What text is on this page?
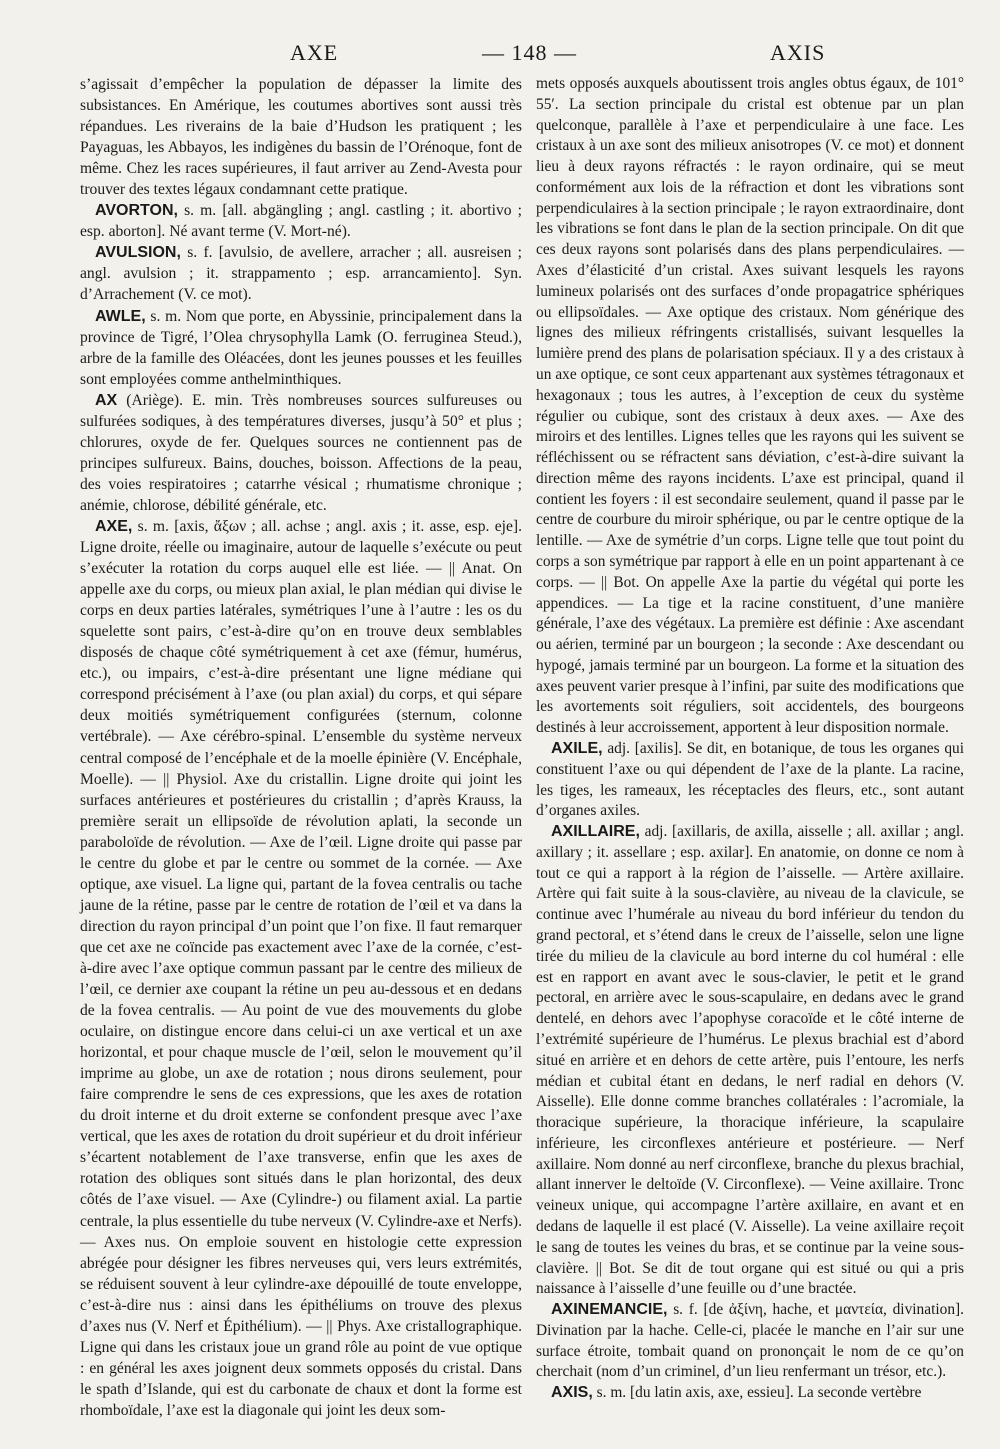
AXE	— 148 —	AXIS

s’agissait d’empêcher la population de dépasser la limite des subsistances. En Amérique, les coutumes abortives sont aussi très répandues. Les riverains de la baie d’Hudson les pratiquent ; les Payaguas, les Abbayos, les indigènes du bassin de l’Orénoque, font de même. Chez les races supérieures, il faut arriver au Zend-Avesta pour trouver des textes légaux condamnant cette pratique.

AVORTON, s. m. [all. abgängling ; angl. castling ; it. abortivo ; esp. aborton]. Né avant terme (V. Mort-né).

AVULSION, s. f. [avulsio, de avellere, arracher ; all. ausreisen ; angl. avulsion ; it. strappamento ; esp. arrancamiento]. Syn. d’Arrachement (V. ce mot).

AWLE, s. m. Nom que porte, en Abyssinie, principalement dans la province de Tigré, l’Olea chrysophylla Lamk (O. ferruginea Steud.), arbre de la famille des Oléacées, dont les jeunes pousses et les feuilles sont employées comme anthelminthiques.

AX (Ariège). E. min. Très nombreuses sources sulfureuses ou sulfurées sodiques, à des températures diverses, jusqu’à 50° et plus ; chlorures, oxyde de fer. Quelques sources ne contiennent pas de principes sulfureux. Bains, douches, boisson. Affections de la peau, des voies respiratoires ; catarrhe vésical ; rhumatisme chronique ; anémie, chlorose, débilité générale, etc.

AXE, s. m. [axis, ἄξων ; all. achse ; angl. axis ; it. asse, esp. eje]. Ligne droite, réelle ou imaginaire, autour de laquelle s’exécute ou peut s’exécuter la rotation du corps auquel elle est liée. — || Anat. On appelle axe du corps, ou mieux plan axial, le plan médian qui divise le corps en deux parties latérales, symétriques l’une à l’autre : les os du squelette sont pairs, c’est-à-dire qu’on en trouve deux semblables disposés de chaque côté symétriquement à cet axe (fémur, humérus, etc.), ou impairs, c’est-à-dire présentant une ligne médiane qui correspond précisément à l’axe (ou plan axial) du corps, et qui sépare deux moitiés symétriquement configurées (sternum, colonne vertébrale). — Axe cérébro-spinal. L’ensemble du système nerveux central composé de l’encéphale et de la moelle épinière (V. Encéphale, Moelle). — || Physiol. Axe du cristallin. Ligne droite qui joint les surfaces antérieures et postérieures du cristallin ; d’après Krauss, la première serait un ellipsoïde de révolution aplati, la seconde un paraboloïde de révolution. — Axe de l’œil. Ligne droite qui passe par le centre du globe et par le centre ou sommet de la cornée. — Axe optique, axe visuel. La ligne qui, partant de la fovea centralis ou tache jaune de la rétine, passe par le centre de rotation de l’œil et va dans la direction du rayon principal d’un point que l’on fixe. Il faut remarquer que cet axe ne coïncide pas exactement avec l’axe de la cornée, c’est-à-dire avec l’axe optique commun passant par le centre des milieux de l’œil, ce dernier axe coupant la rétine un peu au-dessous et en dedans de la fovea centralis. — Au point de vue des mouvements du globe oculaire, on distingue encore dans celui-ci un axe vertical et un axe horizontal, et pour chaque muscle de l’œil, selon le mouvement qu’il imprime au globe, un axe de rotation ; nous dirons seulement, pour faire comprendre le sens de ces expressions, que les axes de rotation du droit interne et du droit externe se confondent presque avec l’axe vertical, que les axes de rotation du droit supérieur et du droit inférieur s’écartent notablement de l’axe transverse, enfin que les axes de rotation des obliques sont situés dans le plan horizontal, des deux côtés de l’axe visuel. — Axe (Cylindre-) ou filament axial. La partie centrale, la plus essentielle du tube nerveux (V. Cylindre-axe et Nerfs). — Axes nus. On emploie souvent en histologie cette expression abrégée pour désigner les fibres nerveuses qui, vers leurs extrémités, se réduisent souvent à leur cylindre-axe dépouillé de toute enveloppe, c’est-à-dire nus : ainsi dans les épithéliums on trouve des plexus d’axes nus (V. Nerf et Épithélium). — || Phys. Axe cristallographique. Ligne qui dans les cristaux joue un grand rôle au point de vue optique : en général les axes joignent deux sommets opposés du cristal. Dans le spath d’Islande, qui est du carbonate de chaux et dont la forme est rhomboïdale, l’axe est la diagonale qui joint les deux som-

mets opposés auxquels aboutissent trois angles obtus égaux, de 101° 55′. La section principale du cristal est obtenue par un plan quelconque, parallèle à l’axe et perpendiculaire à une face. Les cristaux à un axe sont des milieux anisotropes (V. ce mot) et donnent lieu à deux rayons réfractés : le rayon ordinaire, qui se meut conformément aux lois de la réfraction et dont les vibrations sont perpendiculaires à la section principale ; le rayon extraordinaire, dont les vibrations se font dans le plan de la section principale. On dit que ces deux rayons sont polarisés dans des plans perpendiculaires. — Axes d’élasticité d’un cristal. Axes suivant lesquels les rayons lumineux polarisés ont des surfaces d’onde propagatrice sphériques ou ellipsoïdales. — Axe optique des cristaux. Nom générique des lignes des milieux réfringents cristallisés, suivant lesquelles la lumière prend des plans de polarisation spéciaux. Il y a des cristaux à un axe optique, ce sont ceux appartenant aux systèmes tétragonaux et hexagonaux ; tous les autres, à l’exception de ceux du système régulier ou cubique, sont des cristaux à deux axes. — Axe des miroirs et des lentilles. Lignes telles que les rayons qui les suivent se réfléchissent ou se réfractent sans déviation, c’est-à-dire suivant la direction même des rayons incidents. L’axe est principal, quand il contient les foyers : il est secondaire seulement, quand il passe par le centre de courbure du miroir sphérique, ou par le centre optique de la lentille. — Axe de symétrie d’un corps. Ligne telle que tout point du corps a son symétrique par rapport à elle en un point appartenant à ce corps. — || Bot. On appelle Axe la partie du végétal qui porte les appendices. — La tige et la racine constituent, d’une manière générale, l’axe des végétaux. La première est définie : Axe ascendant ou aérien, terminé par un bourgeon ; la seconde : Axe descendant ou hypogé, jamais terminé par un bourgeon. La forme et la situation des axes peuvent varier presque à l’infini, par suite des modifications que les avortements soit réguliers, soit accidentels, des bourgeons destinés à leur accroissement, apportent à leur disposition normale.

AXILE, adj. [axilis]. Se dit, en botanique, de tous les organes qui constituent l’axe ou qui dépendent de l’axe de la plante. La racine, les tiges, les rameaux, les réceptacles des fleurs, etc., sont autant d’organes axiles.

AXILLAIRE, adj. [axillaris, de axilla, aisselle ; all. axillar ; angl. axillary ; it. assellare ; esp. axilar]. En anatomie, on donne ce nom à tout ce qui a rapport à la région de l’aisselle. — Artère axillaire. Artère qui fait suite à la sous-clavière, au niveau de la clavicule, se continue avec l’humérale au niveau du bord inférieur du tendon du grand pectoral, et s’étend dans le creux de l’aisselle, selon une ligne tirée du milieu de la clavicule au bord interne du col huméral : elle est en rapport en avant avec le sous-clavier, le petit et le grand pectoral, en arrière avec le sous-scapulaire, en dedans avec le grand dentelé, en dehors avec l’apophyse coracoïde et le côté interne de l’extrémité supérieure de l’humérus. Le plexus brachial est d’abord situé en arrière et en dehors de cette artère, puis l’entoure, les nerfs médian et cubital étant en dedans, le nerf radial en dehors (V. Aisselle). Elle donne comme branches collatérales : l’acromiale, la thoracique supérieure, la thoracique inférieure, la scapulaire inférieure, les circonflexes antérieure et postérieure. — Nerf axillaire. Nom donné au nerf circonflexe, branche du plexus brachial, allant innerver le deltoïde (V. Circonflexe). — Veine axillaire. Tronc veineux unique, qui accompagne l’artère axillaire, en avant et en dedans de laquelle il est placé (V. Aisselle). La veine axillaire reçoit le sang de toutes les veines du bras, et se continue par la veine sous-clavière. || Bot. Se dit de tout organe qui est situé ou qui a pris naissance à l’aisselle d’une feuille ou d’une bractée.

AXINEMANCIE, s. f. [de ἀξίνη, hache, et μαντεία, divination]. Divination par la hache. Celle-ci, placée le manche en l’air sur une surface étroite, tombait quand on prononçait le nom de ce qu’on cherchait (nom d’un criminel, d’un lieu renfermant un trésor, etc.).

AXIS, s. m. [du latin axis, axe, essieu]. La seconde vertèbre
